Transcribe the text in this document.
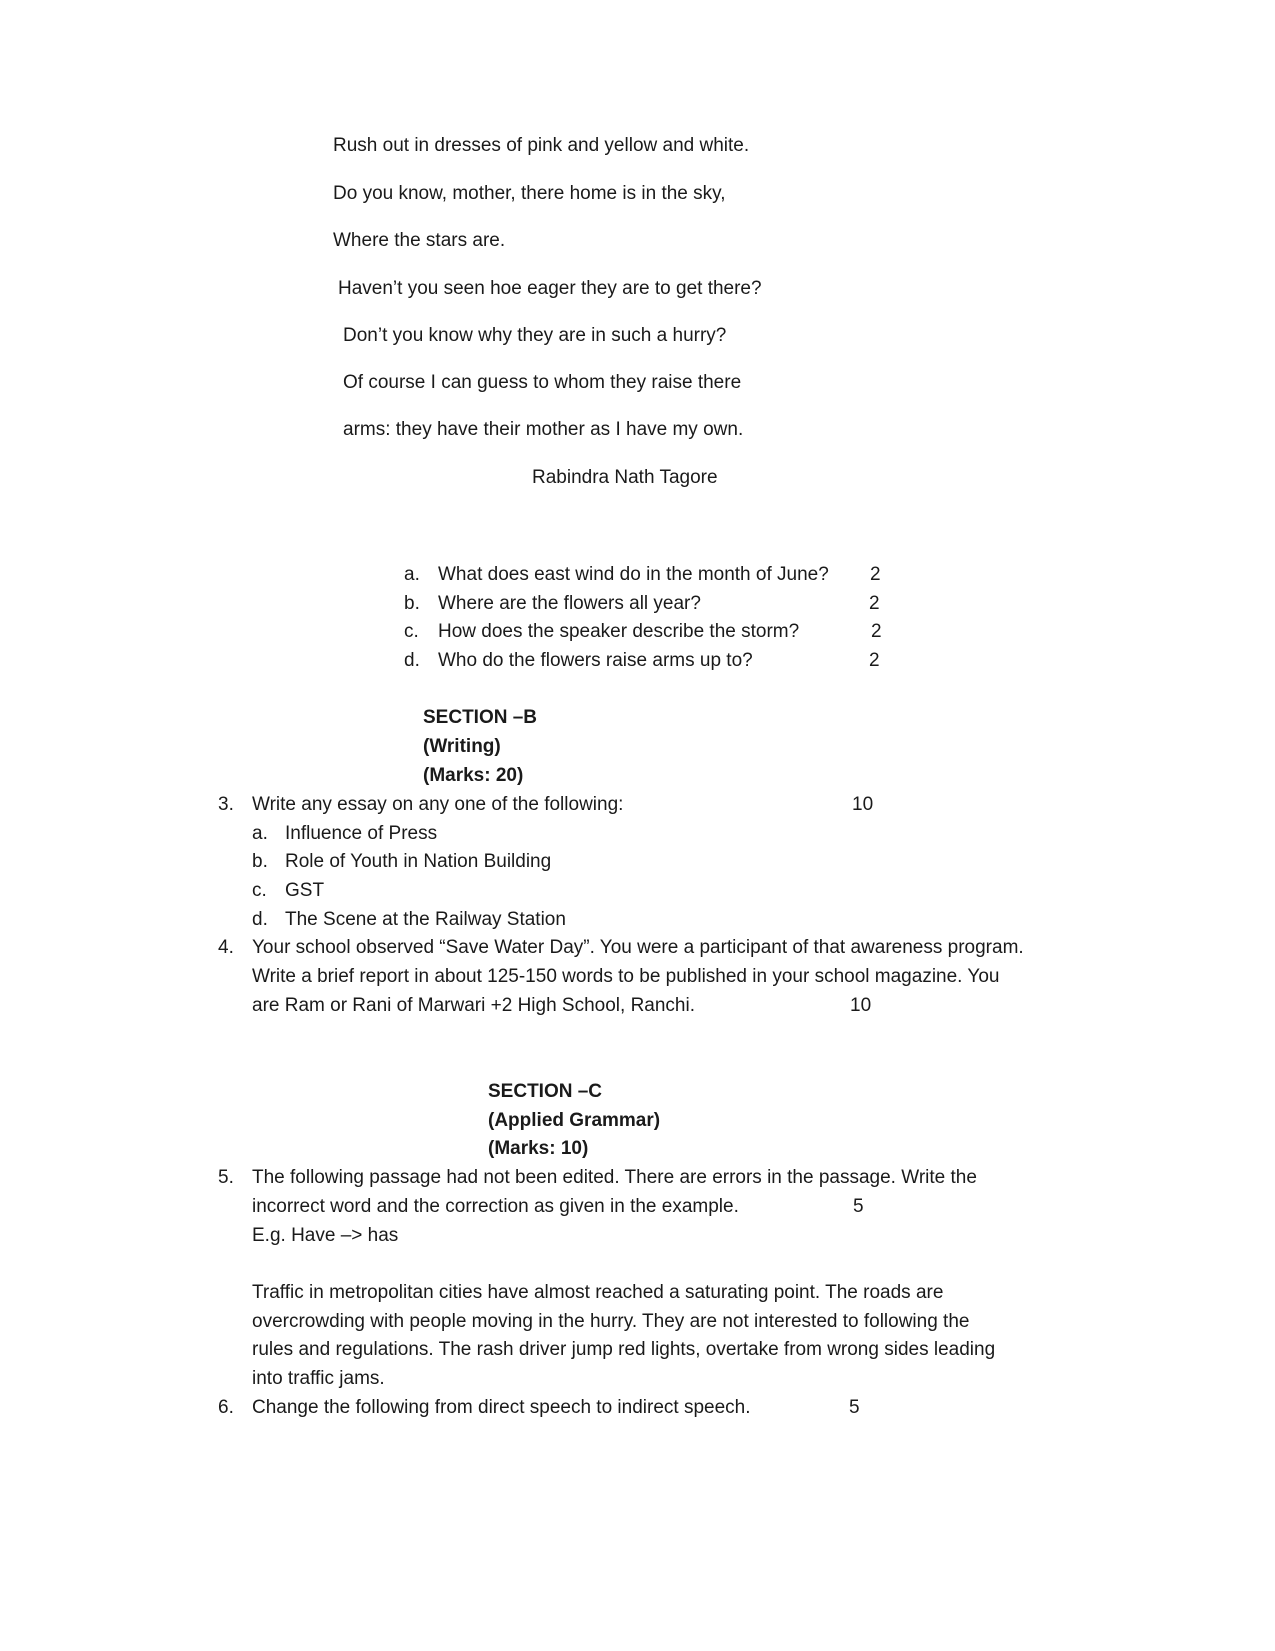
Rush out in dresses of pink and yellow and white.
Do you know, mother, there home is in the sky,
Where the stars are.
Haven’t you seen hoe eager they are to get there?
Don’t you know why they are in such a hurry?
Of course I can guess to whom they raise there
arms: they have their mother as I have my own.
Rabindra Nath Tagore
a. What does east wind do in the month of June? 2
b. Where are the flowers all year?	2
c. How does the speaker describe the storm?	2
d. Who do the flowers raise arms up to?	2
SECTION –B
(Writing)
(Marks: 20)
3. Write any essay on any one of the following:	10
a. Influence of Press
b. Role of Youth in Nation Building
c. GST
d. The Scene at the Railway Station
4. Your school observed “Save Water Day”. You were a participant of that awareness program.
Write a brief report in about 125-150 words to be published in your school magazine. You
are Ram or Rani of Marwari +2 High School, Ranchi.	10
SECTION –C
(Applied Grammar)
(Marks: 10)
5. The following passage had not been edited. There are errors in the passage. Write the
incorrect word and the correction as given in the example.	5
E.g. Have –> has
Traffic in metropolitan cities have almost reached a saturating point. The roads are
overcrowding with people moving in the hurry. They are not interested to following the
rules and regulations. The rash driver jump red lights, overtake from wrong sides leading
into traffic jams.
6. Change the following from direct speech to indirect speech.	5
